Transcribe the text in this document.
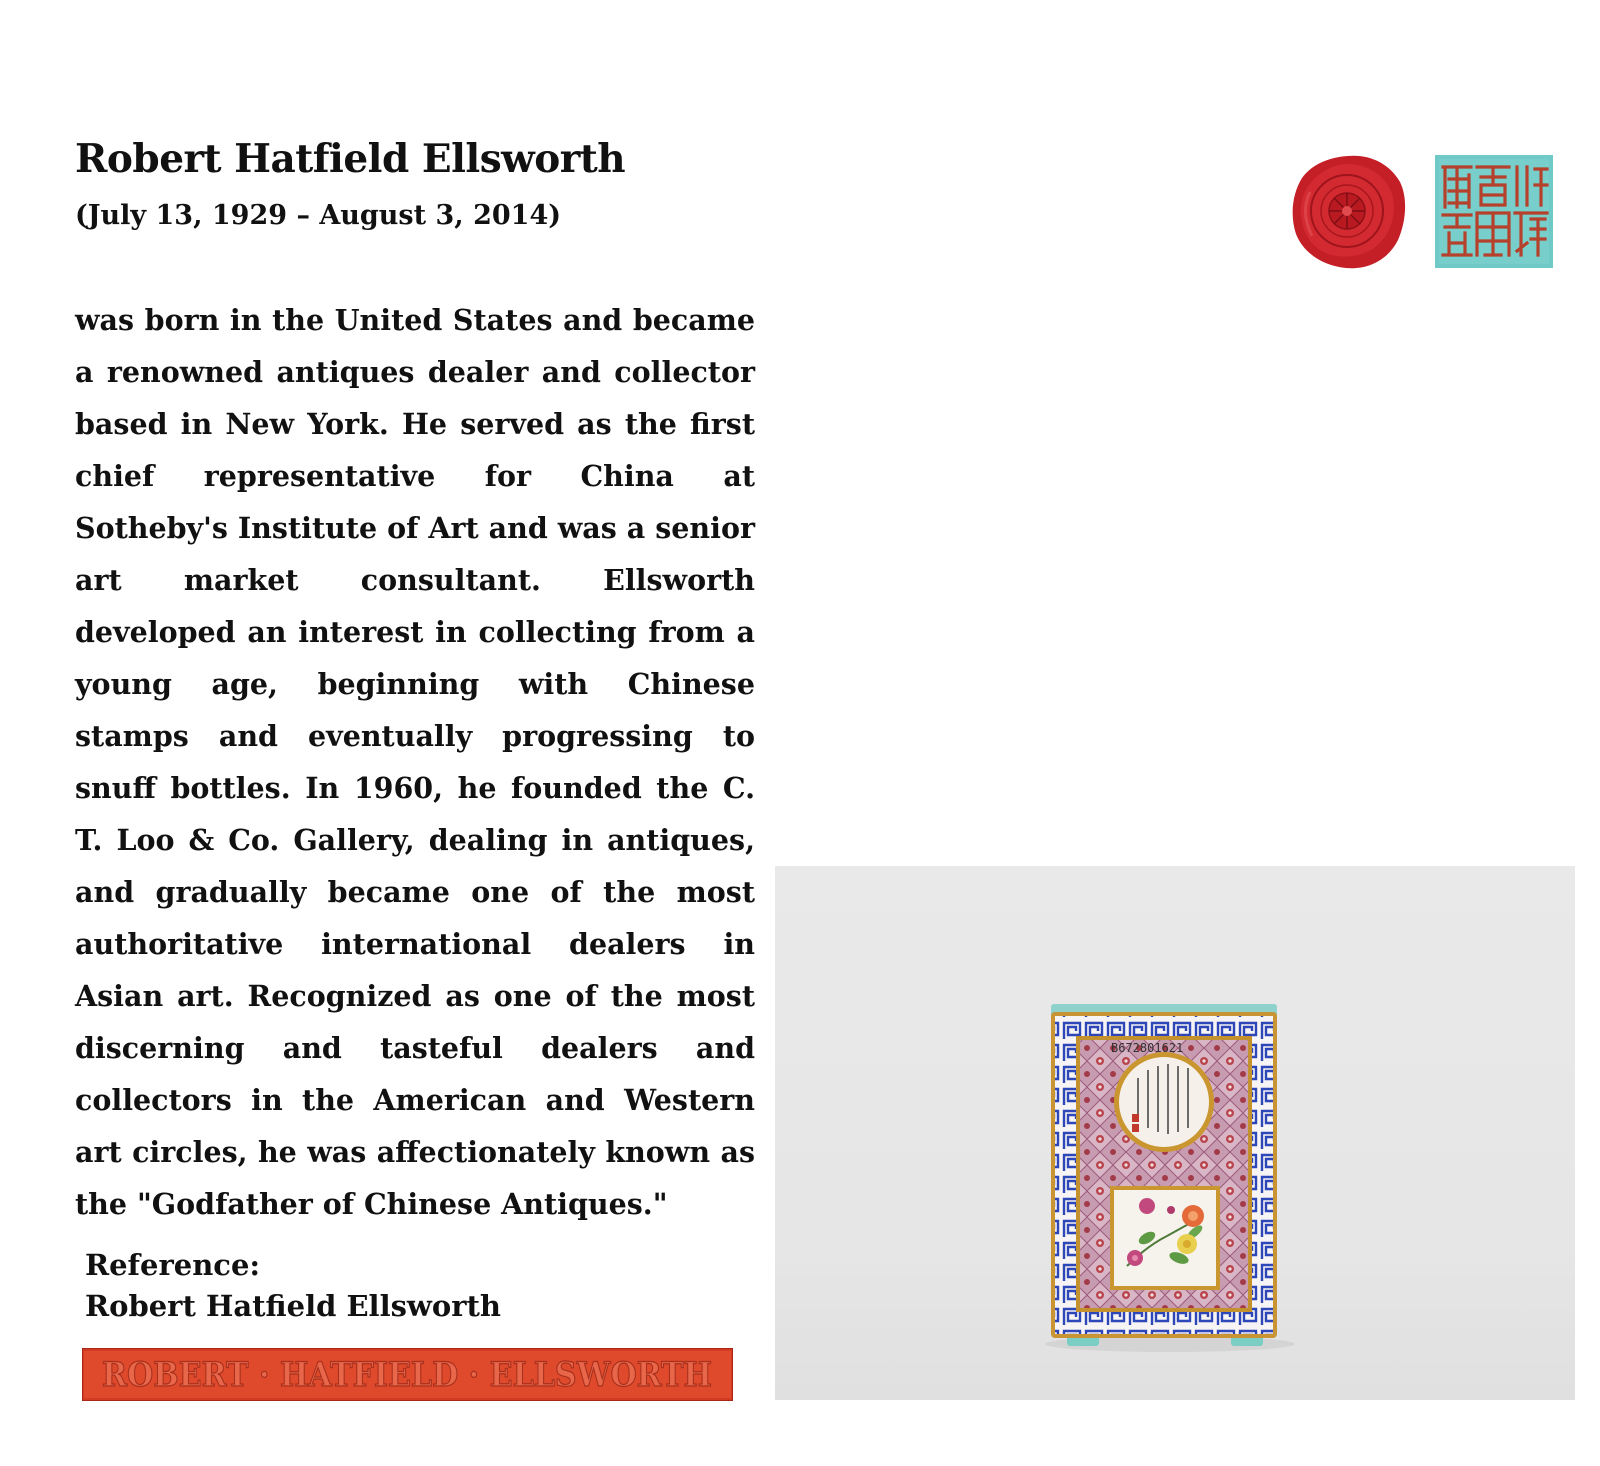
Robert Hatfield Ellsworth
(July 13, 1929 – August 3, 2014)

was born in the United States and became a renowned antiques dealer and collector based in New York. He served as the first chief representative for China at Sotheby's Institute of Art and was a senior art market consultant. Ellsworth developed an interest in collecting from a young age, beginning with Chinese stamps and eventually progressing to snuff bottles. In 1960, he founded the C. T. Loo & Co. Gallery, dealing in antiques, and gradually became one of the most authoritative international dealers in Asian art. Recognized as one of the most discerning and tasteful dealers and collectors in the American and Western art circles, he was affectionately known as the "Godfather of Chinese Antiques."

Reference:
Robert Hatfield Ellsworth
ROBERT · HATFIELD · ELLSWORTH
B672801621
